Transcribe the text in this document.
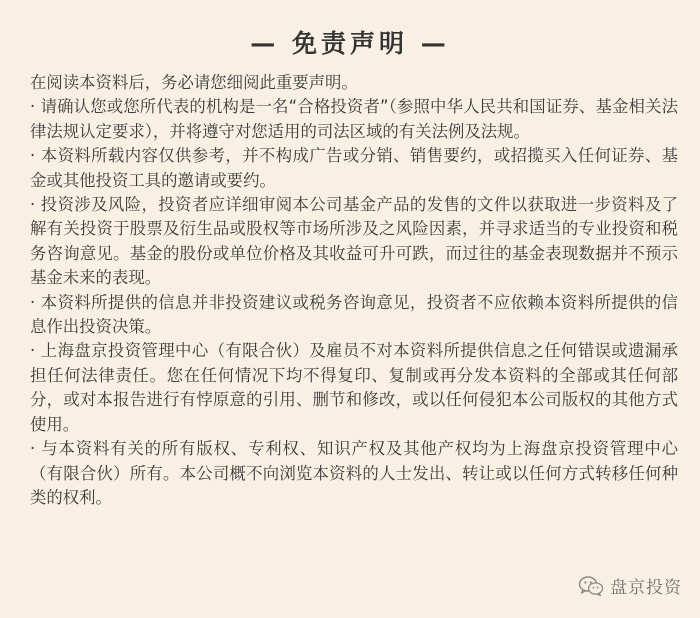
— 免责声明 —

在阅读本资料后，务必请您细阅此重要声明。

· 请确认您或您所代表的机构是一名“合格投资者”（参照中华人民共和国证券、基金相关法律法规认定要求），并将遵守对您适用的司法区域的有关法例及法规。

· 本资料所载内容仅供参考，并不构成广告或分销、销售要约，或招揽买入任何证券、基金或其他投资工具的邀请或要约。

· 投资涉及风险，投资者应详细审阅本公司基金产品的发售的文件以获取进一步资料及了解有关投资于股票及衍生品或股权等市场所涉及之风险因素，并寻求适当的专业投资和税务咨询意见。基金的股份或单位价格及其收益可升可跌，而过往的基金表现数据并不预示基金未来的表现。

· 本资料所提供的信息并非投资建议或税务咨询意见，投资者不应依赖本资料所提供的信息作出投资决策。

· 上海盘京投资管理中心（有限合伙）及雇员不对本资料所提供信息之任何错误或遗漏承担任何法律责任。您在任何情况下均不得复印、复制或再分发本资料的全部或其任何部分，或对本报告进行有悖原意的引用、删节和修改，或以任何侵犯本公司版权的其他方式使用。

· 与本资料有关的所有版权、专利权、知识产权及其他产权均为上海盘京投资管理中心（有限合伙）所有。本公司概不向浏览本资料的人士发出、转让或以任何方式转移任何种类的权利。

盘京投资
